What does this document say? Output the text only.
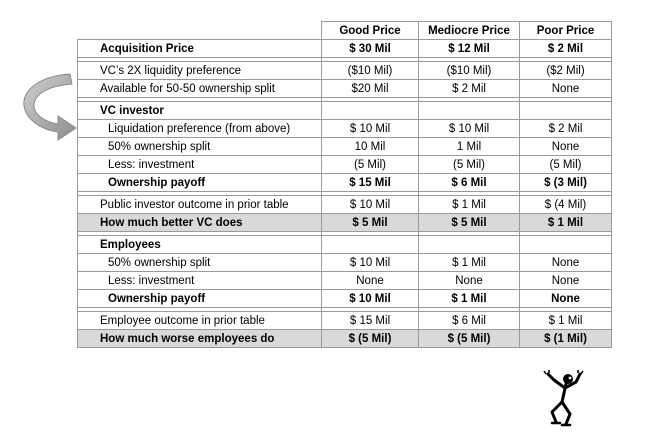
	Good Price	Mediocre Price	Poor Price
Acquisition Price	$ 30 Mil	$ 12 Mil	$ 2 Mil

VC’s 2X liquidity preference	($10 Mil)	($10 Mil)	($2 Mil)
Available for 50-50 ownership split	$20 Mil	$ 2 Mil	None

VC investor			
Liquidation preference (from above)	$ 10 Mil	$ 10 Mil	$ 2 Mil
50% ownership split	10 Mil	1 Mil	None
Less: investment	(5 Mil)	(5 Mil)	(5 Mil)
Ownership payoff	$ 15 Mil	$ 6 Mil	$ (3 Mil)

Public investor outcome in prior table	$ 10 Mil	$ 1 Mil	$ (4 Mil)
How much better VC does	$ 5 Mil	$ 5 Mil	$ 1 Mil

Employees			
50% ownership split	$ 10 Mil	$ 1 Mil	None
Less: investment	None	None	None
Ownership payoff	$ 10 Mil	$ 1 Mil	None

Employee outcome in prior table	$ 15 Mil	$ 6 Mil	$ 1 Mil
How much worse employees do	$ (5 Mil)	$ (5 Mil)	$ (1 Mil)
